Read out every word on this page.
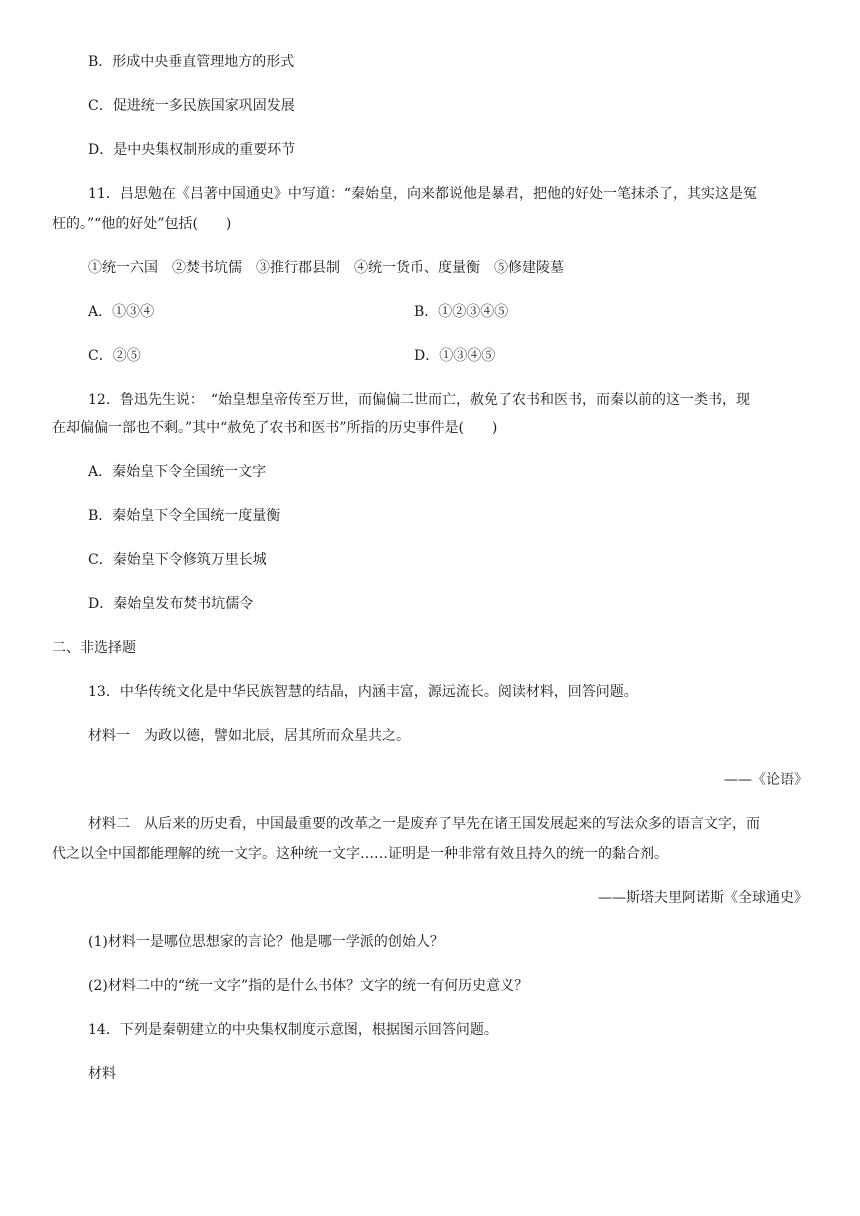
B．形成中央垂直管理地方的形式
C．促进统一多民族国家巩固发展
D．是中央集权制形成的重要环节
11．吕思勉在《吕著中国通史》中写道：“秦始皇，向来都说他是暴君，把他的好处一笔抹杀了，其实这是冤
枉的。”“他的好处”包括(　　)
①统一六国　②焚书坑儒　③推行郡县制　④统一货币、度量衡　⑤修建陵墓
A．①③④	B．①②③④⑤
C．②⑤	D．①③④⑤
12．鲁迅先生说：　“始皇想皇帝传至万世，而偏偏二世而亡，赦免了农书和医书，而秦以前的这一类书，现
在却偏偏一部也不剩。”其中“赦免了农书和医书”所指的历史事件是(　　)
A．秦始皇下令全国统一文字
B．秦始皇下令全国统一度量衡
C．秦始皇下令修筑万里长城
D．秦始皇发布焚书坑儒令
二、非选择题
13．中华传统文化是中华民族智慧的结晶，内涵丰富，源远流长。阅读材料，回答问题。
材料一 为政以德，譬如北辰，居其所而众星共之。
——《论语》
材料二 从后来的历史看，中国最重要的改革之一是废弃了早先在诸王国发展起来的写法众多的语言文字，而
代之以全中国都能理解的统一文字。这种统一文字……证明是一种非常有效且持久的统一的黏合剂。
——斯塔夫里阿诺斯《全球通史》
(1)材料一是哪位思想家的言论？他是哪一学派的创始人？
(2)材料二中的“统一文字”指的是什么书体？文字的统一有何历史意义？
14．下列是秦朝建立的中央集权制度示意图，根据图示回答问题。
材料
